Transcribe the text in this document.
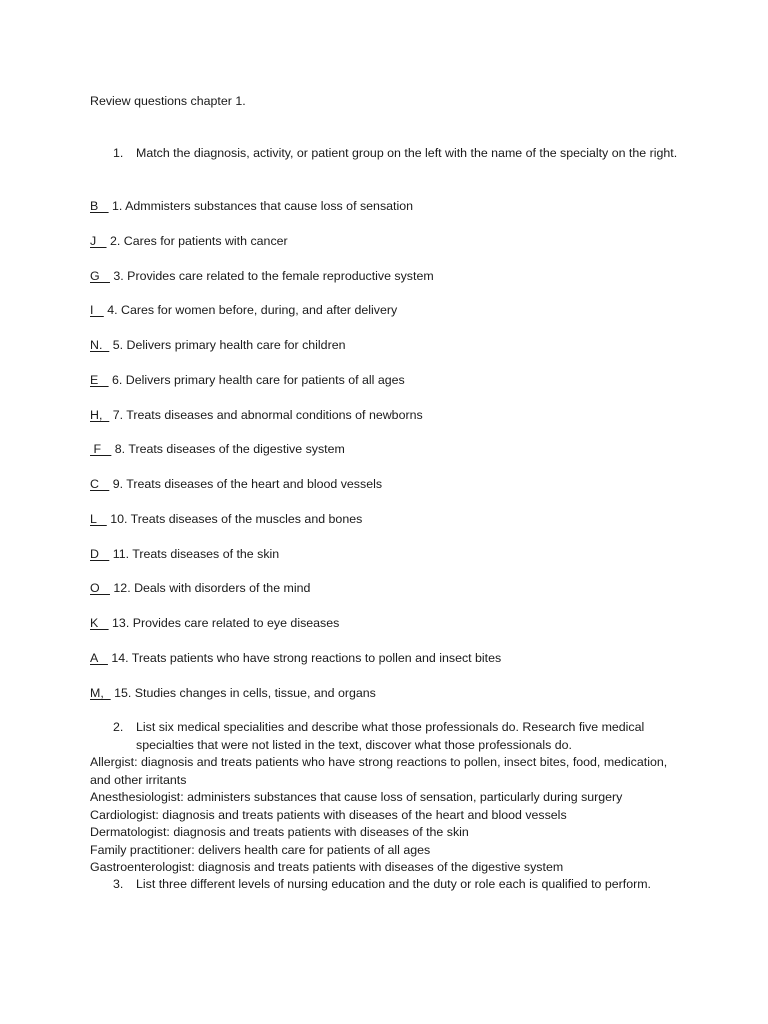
Review questions chapter 1.
1. Match the diagnosis, activity, or patient group on the left with the name of the specialty on the right.
B    1. Admmisters substances that cause loss of sensation
J    2. Cares for patients with cancer
G    3. Provides care related to the female reproductive system
I    4. Cares for women before, during, and after delivery
N.   5. Delivers primary health care for children
E    6. Delivers primary health care for patients of all ages
H,   7. Treats diseases and abnormal conditions of newborns
F    8. Treats diseases of the digestive system
C    9. Treats diseases of the heart and blood vessels
L    10. Treats diseases of the muscles and bones
D    11. Treats diseases of the skin
O    12. Deals with disorders of the mind
K    13. Provides care related to eye diseases
A    14. Treats patients who have strong reactions to pollen and insect bites
M,   15. Studies changes in cells, tissue, and organs
2. List six medical specialities and describe what those professionals do. Research five medical specialties that were not listed in the text, discover what those professionals do.
Allergist: diagnosis and treats patients who have strong reactions to pollen, insect bites, food, medication, and other irritants
Anesthesiologist: administers substances that cause loss of sensation, particularly during surgery
Cardiologist: diagnosis and treats patients with diseases of the heart and blood vessels
Dermatologist: diagnosis and treats patients with diseases of the skin
Family practitioner: delivers health care for patients of all ages
Gastroenterologist: diagnosis and treats patients with diseases of the digestive system
3. List three different levels of nursing education and the duty or role each is qualified to perform.
